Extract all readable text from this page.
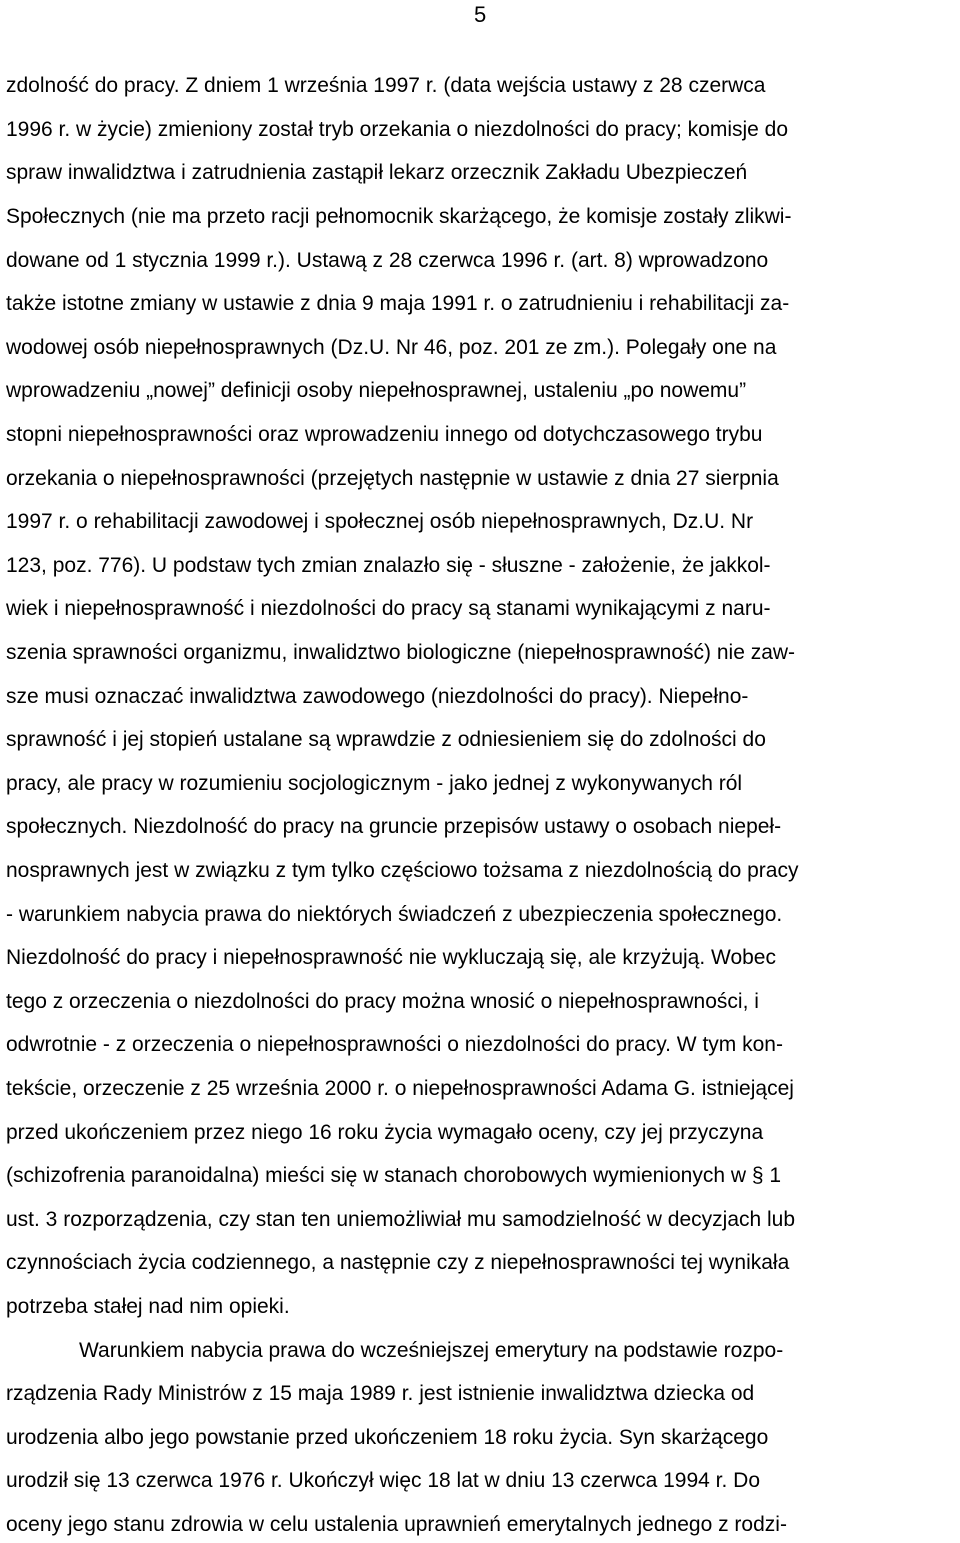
5
zdolność do pracy. Z dniem 1 września 1997 r. (data wejścia ustawy z 28 czerwca
1996 r. w życie) zmieniony został tryb orzekania o niezdolności do pracy; komisje do
spraw inwalidztwa i zatrudnienia zastąpił lekarz orzecznik Zakładu Ubezpieczeń
Społecznych (nie ma przeto racji pełnomocnik skarżącego, że komisje zostały zlikwi-
dowane od 1 stycznia 1999 r.). Ustawą z 28 czerwca 1996 r. (art. 8) wprowadzono
także istotne zmiany w ustawie z dnia 9 maja 1991 r. o zatrudnieniu i rehabilitacji za-
wodowej osób niepełnosprawnych (Dz.U. Nr 46, poz. 201 ze zm.). Polegały one na
wprowadzeniu „nowej” definicji osoby niepełnosprawnej, ustaleniu „po nowemu”
stopni niepełnosprawności oraz wprowadzeniu innego od dotychczasowego trybu
orzekania o niepełnosprawności (przejętych następnie w ustawie z dnia 27 sierpnia
1997 r. o rehabilitacji zawodowej i społecznej osób niepełnosprawnych, Dz.U. Nr
123, poz. 776). U podstaw tych zmian znalazło się - słuszne - założenie, że jakkol-
wiek i niepełnosprawność i niezdolności do pracy są stanami wynikającymi z naru-
szenia sprawności organizmu, inwalidztwo biologiczne (niepełnosprawność) nie zaw-
sze musi oznaczać inwalidztwa zawodowego (niezdolności do pracy). Niepełno-
sprawność i jej stopień ustalane są wprawdzie z odniesieniem się do zdolności do
pracy, ale pracy w rozumieniu socjologicznym - jako jednej z wykonywanych ról
społecznych. Niezdolność do pracy na gruncie przepisów ustawy o osobach niepeł-
nosprawnych jest w związku z tym tylko częściowo tożsama z niezdolnością do pracy
- warunkiem nabycia prawa do niektórych świadczeń z ubezpieczenia społecznego.
Niezdolność do pracy i niepełnosprawność nie wykluczają się, ale krzyżują. Wobec
tego z orzeczenia o niezdolności do pracy można wnosić o niepełnosprawności, i
odwrotnie - z orzeczenia o niepełnosprawności o niezdolności do pracy. W tym kon-
tekście, orzeczenie z 25 września 2000 r. o niepełnosprawności Adama G. istniejącej
przed ukończeniem przez niego 16 roku życia wymagało oceny, czy jej przyczyna
(schizofrenia paranoidalna) mieści się w stanach chorobowych wymienionych w § 1
ust. 3 rozporządzenia, czy stan ten uniemożliwiał mu samodzielność w decyzjach lub
czynnościach życia codziennego, a następnie czy z niepełnosprawności tej wynikała
potrzeba stałej nad nim opieki.
Warunkiem nabycia prawa do wcześniejszej emerytury na podstawie rozpo-
rządzenia Rady Ministrów z 15 maja 1989 r. jest istnienie inwalidztwa dziecka od
urodzenia albo jego powstanie przed ukończeniem 18 roku życia. Syn skarżącego
urodził się 13 czerwca 1976 r. Ukończył więc 18 lat w dniu 13 czerwca 1994 r. Do
oceny jego stanu zdrowia w celu ustalenia uprawnień emerytalnych jednego z rodzi-
